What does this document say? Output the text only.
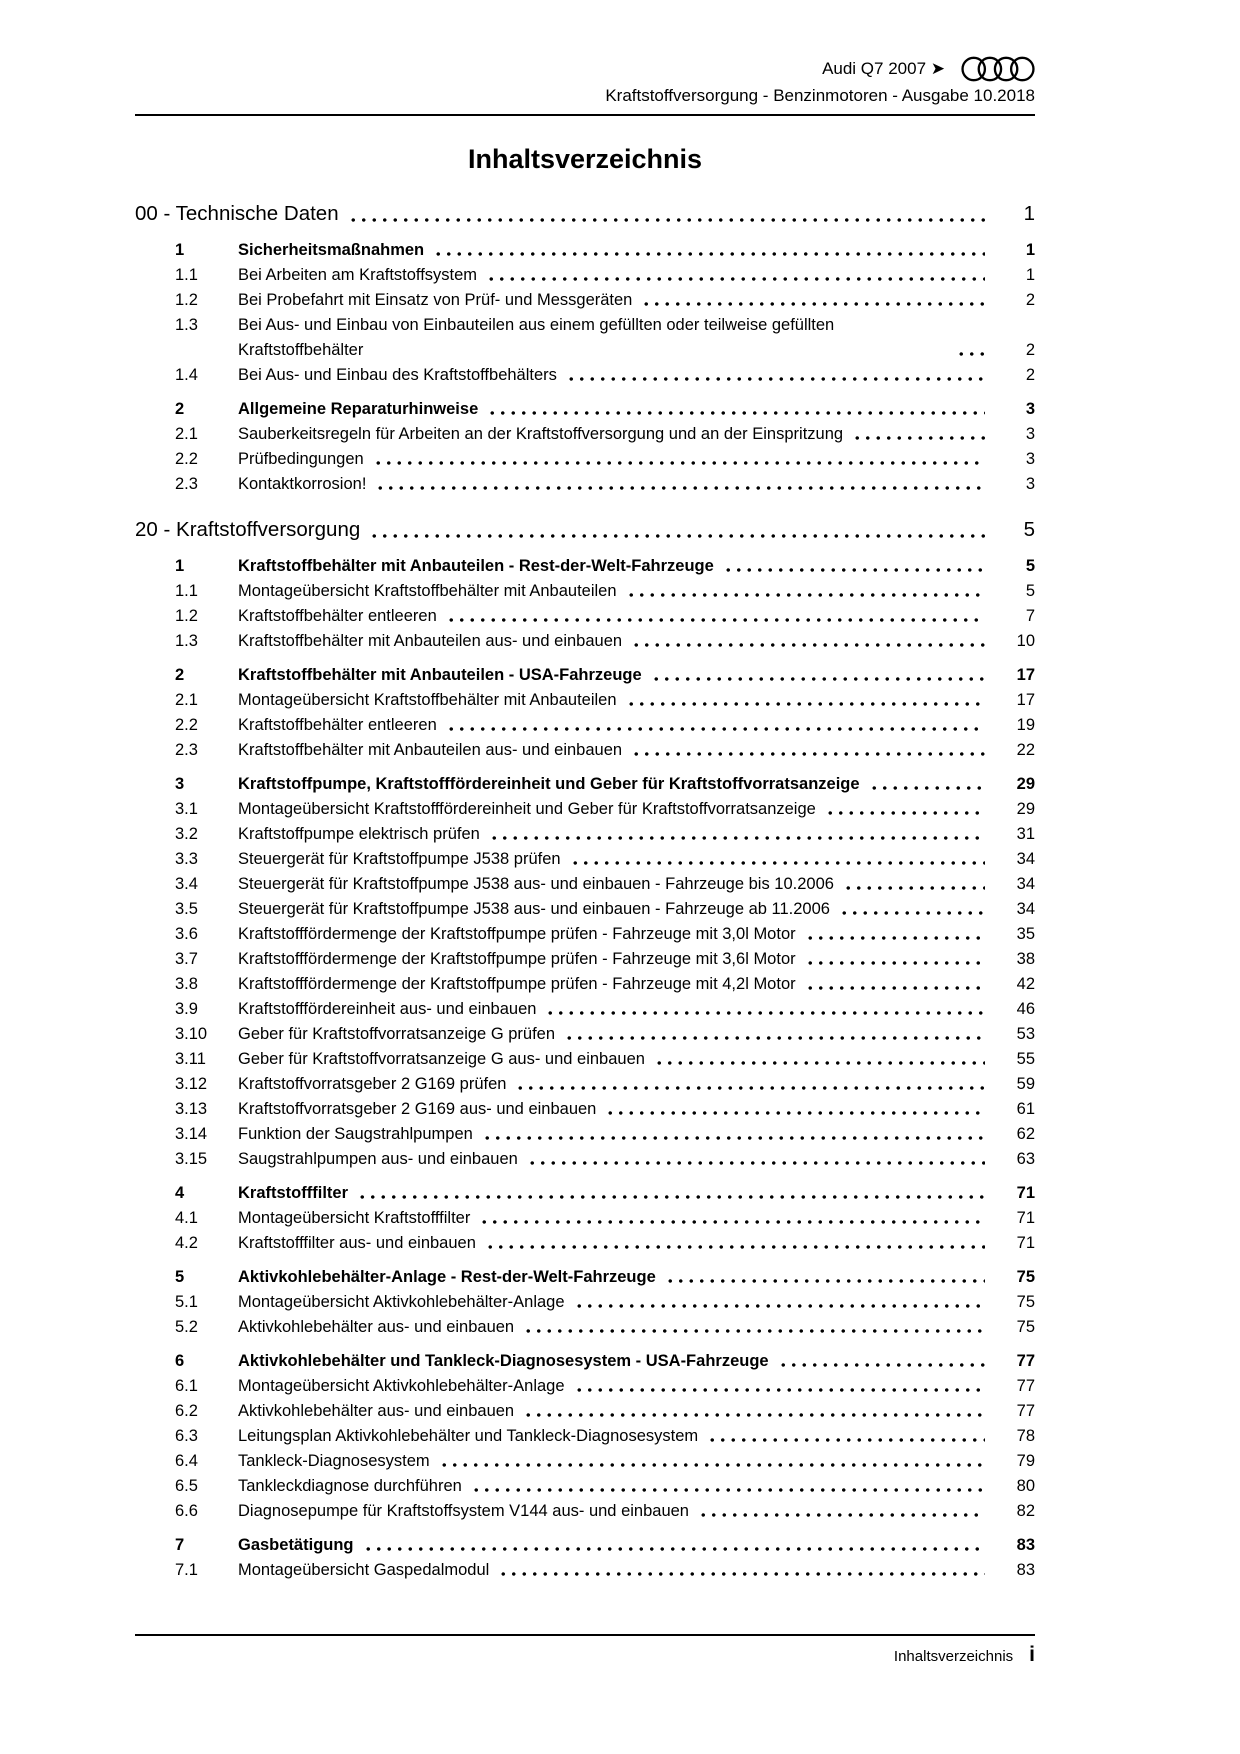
Audi Q7 2007 ➤
Kraftstoffversorgung - Benzinmotoren - Ausgabe 10.2018
Inhaltsverzeichnis
00 - Technische Daten	1
1	Sicherheitsmaßnahmen	1
1.1	Bei Arbeiten am Kraftstoffsystem	1
1.2	Bei Probefahrt mit Einsatz von Prüf- und Messgeräten	2
1.3	Bei Aus- und Einbau von Einbauteilen aus einem gefüllten oder teilweise gefüllten Kraftstoffbehälter	2
1.4	Bei Aus- und Einbau des Kraftstoffbehälters	2
2	Allgemeine Reparaturhinweise	3
2.1	Sauberkeitsregeln für Arbeiten an der Kraftstoffversorgung und an der Einspritzung	3
2.2	Prüfbedingungen	3
2.3	Kontaktkorrosion!	3
20 - Kraftstoffversorgung	5
1	Kraftstoffbehälter mit Anbauteilen - Rest-der-Welt-Fahrzeuge	5
1.1	Montageübersicht Kraftstoffbehälter mit Anbauteilen	5
1.2	Kraftstoffbehälter entleeren	7
1.3	Kraftstoffbehälter mit Anbauteilen aus- und einbauen	10
2	Kraftstoffbehälter mit Anbauteilen - USA-Fahrzeuge	17
2.1	Montageübersicht Kraftstoffbehälter mit Anbauteilen	17
2.2	Kraftstoffbehälter entleeren	19
2.3	Kraftstoffbehälter mit Anbauteilen aus- und einbauen	22
3	Kraftstoffpumpe, Kraftstofffördereinheit und Geber für Kraftstoffvorratsanzeige	29
3.1	Montageübersicht Kraftstofffördereinheit und Geber für Kraftstoffvorratsanzeige	29
3.2	Kraftstoffpumpe elektrisch prüfen	31
3.3	Steuergerät für Kraftstoffpumpe J538 prüfen	34
3.4	Steuergerät für Kraftstoffpumpe J538 aus- und einbauen - Fahrzeuge bis 10.2006	34
3.5	Steuergerät für Kraftstoffpumpe J538 aus- und einbauen - Fahrzeuge ab 11.2006	34
3.6	Kraftstofffördermenge der Kraftstoffpumpe prüfen - Fahrzeuge mit 3,0l Motor	35
3.7	Kraftstofffördermenge der Kraftstoffpumpe prüfen - Fahrzeuge mit 3,6l Motor	38
3.8	Kraftstofffördermenge der Kraftstoffpumpe prüfen - Fahrzeuge mit 4,2l Motor	42
3.9	Kraftstofffördereinheit aus- und einbauen	46
3.10	Geber für Kraftstoffvorratsanzeige G prüfen	53
3.11	Geber für Kraftstoffvorratsanzeige G aus- und einbauen	55
3.12	Kraftstoffvorratsgeber 2 G169 prüfen	59
3.13	Kraftstoffvorratsgeber 2 G169 aus- und einbauen	61
3.14	Funktion der Saugstrahlpumpen	62
3.15	Saugstrahlpumpen aus- und einbauen	63
4	Kraftstofffilter	71
4.1	Montageübersicht Kraftstofffilter	71
4.2	Kraftstofffilter aus- und einbauen	71
5	Aktivkohlebehälter-Anlage - Rest-der-Welt-Fahrzeuge	75
5.1	Montageübersicht Aktivkohlebehälter-Anlage	75
5.2	Aktivkohlebehälter aus- und einbauen	75
6	Aktivkohlebehälter und Tankleck-Diagnosesystem - USA-Fahrzeuge	77
6.1	Montageübersicht Aktivkohlebehälter-Anlage	77
6.2	Aktivkohlebehälter aus- und einbauen	77
6.3	Leitungsplan Aktivkohlebehälter und Tankleck-Diagnosesystem	78
6.4	Tankleck-Diagnosesystem	79
6.5	Tankleckdiagnose durchführen	80
6.6	Diagnosepumpe für Kraftstoffsystem V144 aus- und einbauen	82
7	Gasbetätigung	83
7.1	Montageübersicht Gaspedalmodul	83
Inhaltsverzeichnis i
